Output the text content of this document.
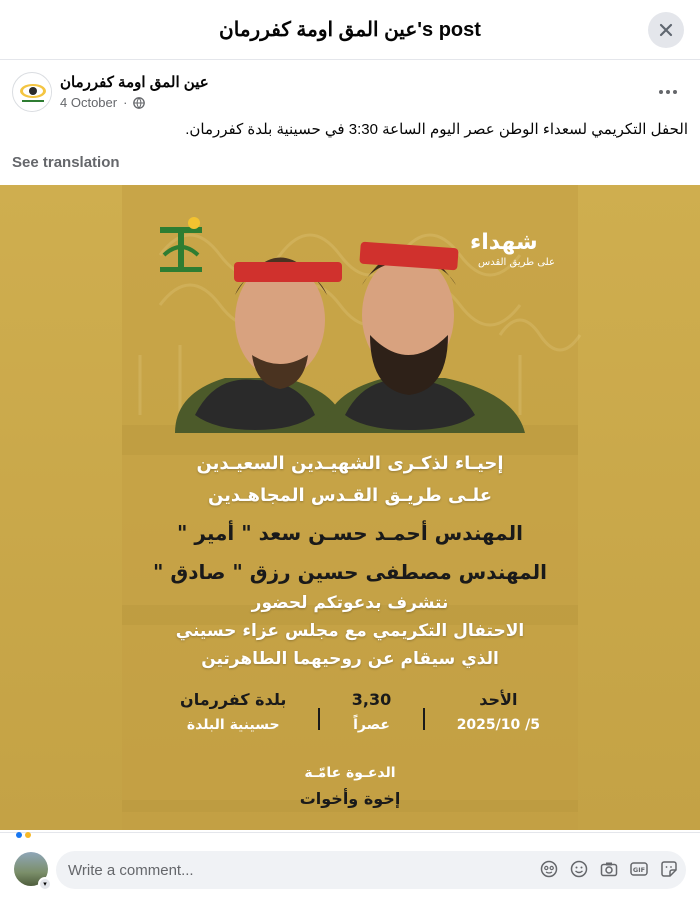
عين المق اومة كفررمان's post
عين المق اومة كفررمان
4 October ·
الحفل التكريمي لسعداء الوطن عصر اليوم الساعة 3:30 في حسينية بلدة كفررمان.
See translation
شهداء
على طريق القدس
إحيـاء لذكـرى الشهيـدين السعيـدين
علـى طريـق القـدس المجاهـدين
المهندس أحمـد حسـن سعد " أمير "
المهندس مصطفى حسين رزق " صادق "
نتشرف بدعوتكم لحضور
الاحتفال التكريمي مع مجلس عزاء حسيني
الذي سيقام عن روحيهما الطاهرتين
الأحد
5/ 2025/10
3,30
عصراً
بلدة كفررمان
حسينية البلدة
الدعـوة عامّـة
إخوة وأخوات
▾
Write a comment...
GIF
